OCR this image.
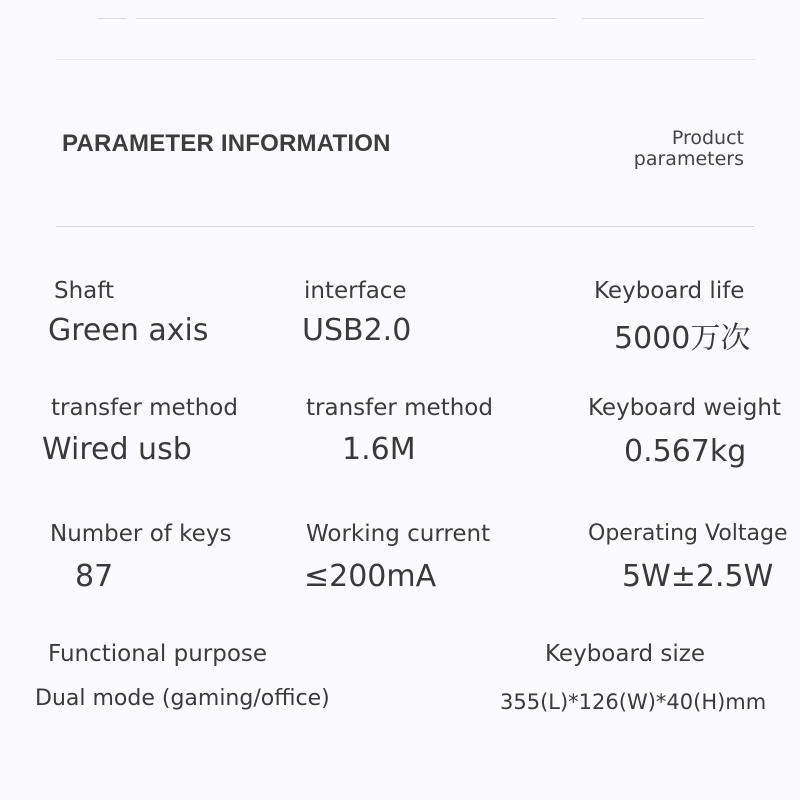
PARAMETER INFORMATION	Product
parameters
Shaft
Green axis
interface
USB2.0
Keyboard life
5000万次
transfer method
Wired usb
transfer method
1.6M
Keyboard weight
0.567kg
Number of keys
87
Working current
≤200mA
Operating Voltage
5W±2.5W
Functional purpose
Dual mode (gaming/office)
Keyboard size
355(L)*126(W)*40(H)mm
